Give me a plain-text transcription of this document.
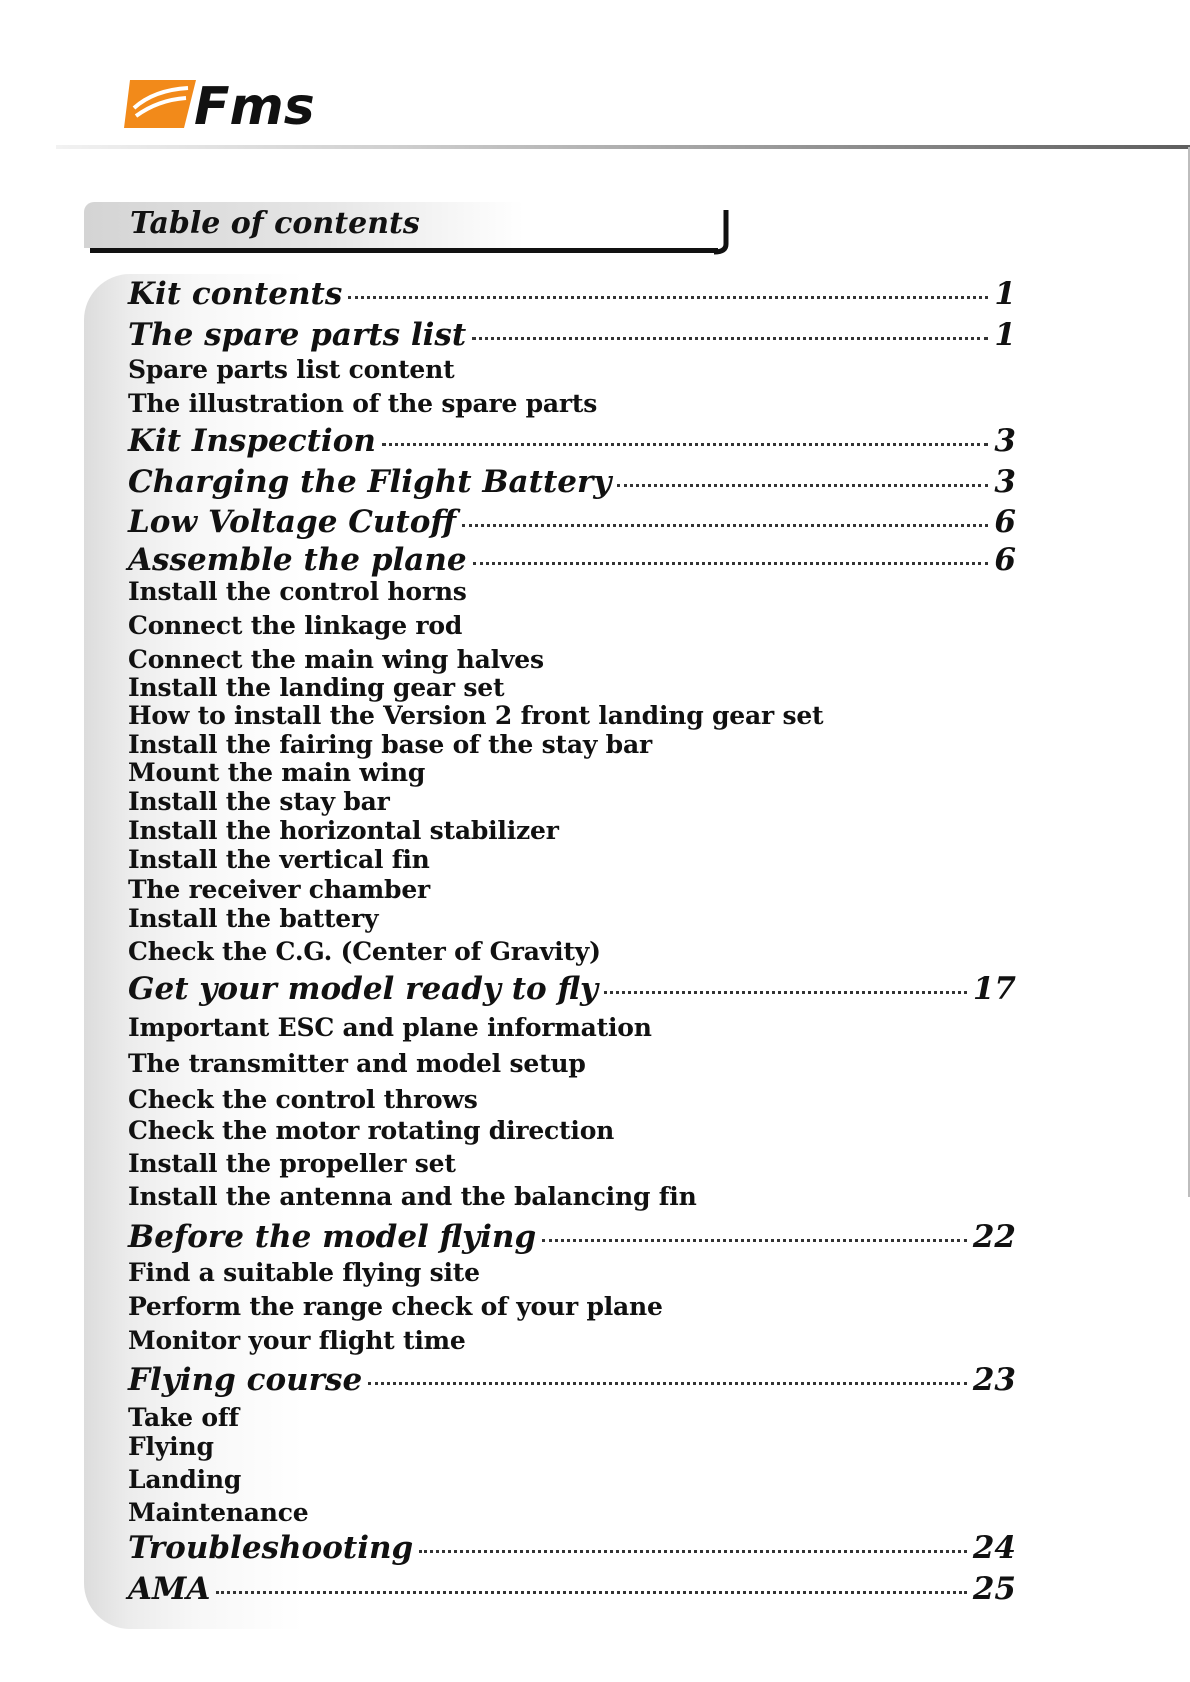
Fms
Table of contents
Kit contents	1
The spare parts list	1
Spare parts list content
The illustration of the spare parts
Kit Inspection	3
Charging the Flight Battery	3
Low Voltage Cutoff	6
Assemble the plane	6
Install the control horns
Connect the linkage rod
Connect the main wing halves
Install the landing gear set
How to install the Version 2 front landing gear set
Install the fairing base of the stay bar
Mount the main wing
Install the stay bar
Install the horizontal stabilizer
Install the vertical fin
The receiver chamber
Install the battery
Check the C.G. (Center of Gravity)
Get your model ready to fly	17
Important ESC and plane information
The transmitter and model setup
Check the control throws
Check the motor rotating direction
Install the propeller set
Install the antenna and the balancing fin
Before the model flying	22
Find a suitable flying site
Perform the range check of your plane
Monitor your flight time
Flying course	23
Take off
Flying
Landing
Maintenance
Troubleshooting	24
AMA	25
